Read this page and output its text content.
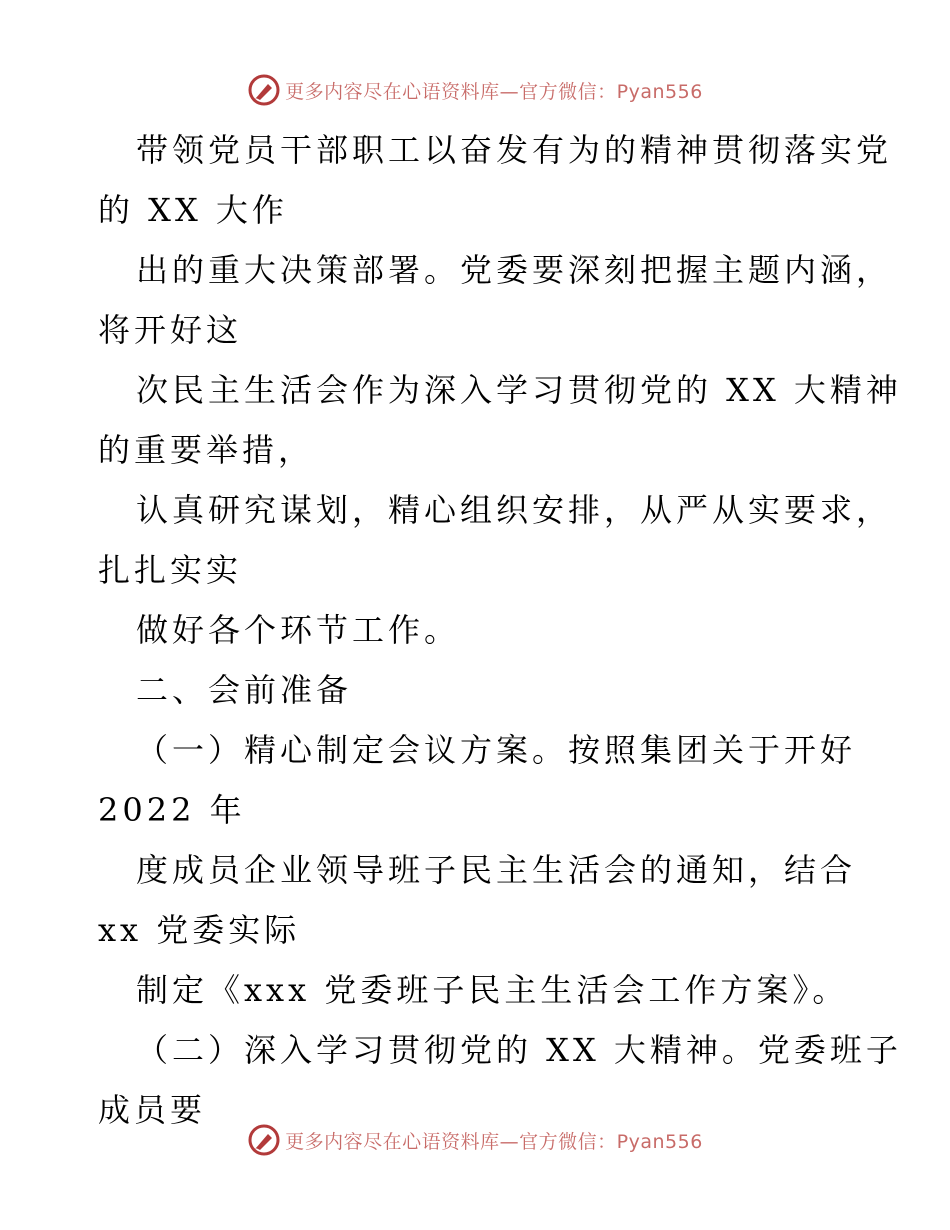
更多内容尽在心语资料库—官方微信：Pyan556
带领党员干部职工以奋发有为的精神贯彻落实党
的 XX 大作
出的重大决策部署。党委要深刻把握主题内涵，
将开好这
次民主生活会作为深入学习贯彻党的 XX 大精神
的重要举措，
认真研究谋划，精心组织安排，从严从实要求，
扎扎实实
做好各个环节工作。
二、会前准备
（一）精心制定会议方案。按照集团关于开好
2022 年
度成员企业领导班子民主生活会的通知，结合
xx 党委实际
制定《xxx 党委班子民主生活会工作方案》。
（二）深入学习贯彻党的 XX 大精神。党委班子
成员要
更多内容尽在心语资料库—官方微信：Pyan556
